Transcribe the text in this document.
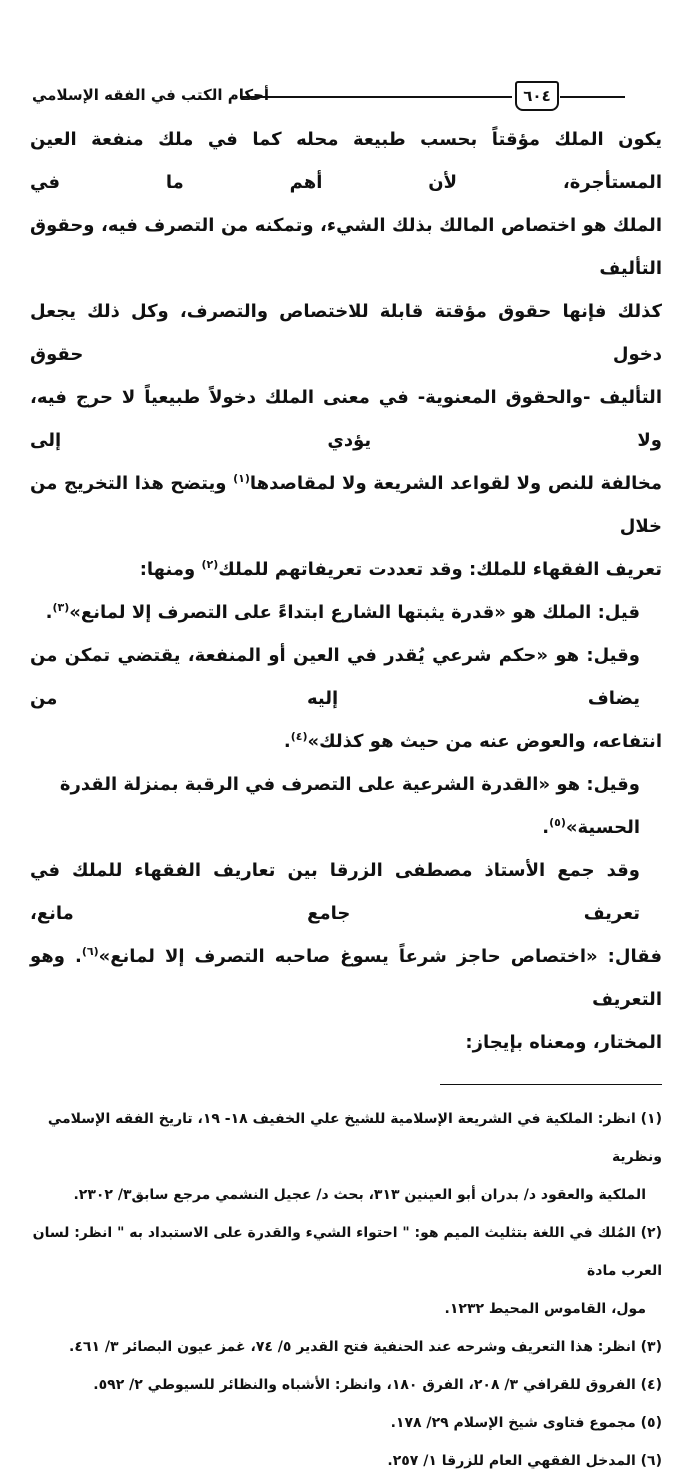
٦٠٤
أحكام الكتب في الفقه الإسلامي
يكون الملك مؤقتاً بحسب طبيعة محله كما في ملك منفعة العين المستأجرة، لأن أهم ما في
الملك هو اختصاص المالك بذلك الشيء، وتمكنه من التصرف فيه، وحقوق التأليف
كذلك فإنها حقوق مؤقتة قابلة للاختصاص والتصرف، وكل ذلك يجعل دخول حقوق
التأليف -والحقوق المعنوية- في معنى الملك دخولاً طبيعياً لا حرج فيه، ولا يؤدي إلى
مخالفة للنص ولا لقواعد الشريعة ولا لمقاصدها$^{(١)}$ ويتضح هذا التخريج من خلال
تعريف الفقهاء للملك: وقد تعددت تعريفاتهم للملك$^{(٢)}$ ومنها:
قيل: الملك هو «قدرة يثبتها الشارع ابتداءً على التصرف إلا لمانع»$^{(٣)}$.
وقيل: هو «حكم شرعي يُقدر في العين أو المنفعة، يقتضي تمكن من يضاف إليه من
انتفاعه، والعوض عنه من حيث هو كذلك»$^{(٤)}$.
وقيل: هو «القدرة الشرعية على التصرف في الرقبة بمنزلة القدرة الحسية»$^{(٥)}$.
وقد جمع الأستاذ مصطفى الزرقا بين تعاريف الفقهاء للملك في تعريف جامع مانع،
فقال: «اختصاص حاجز شرعاً يسوغ صاحبه التصرف إلا لمانع»$^{(٦)}$. وهو التعريف
المختار، ومعناه بإيجاز:
(١) انظر: الملكية في الشريعة الإسلامية للشيخ علي الخفيف ١٨- ١٩، تاريخ الفقه الإسلامي ونظرية
الملكية والعقود د/ بدران أبو العينين ٣١٣، بحث د/ عجيل النشمي مرجع سابق٣/ ٢٣٠٢.
(٢) المُلك في اللغة بتثليث الميم هو: " احتواء الشيء والقدرة على الاستبداد به " انظر: لسان العرب مادة
مول، القاموس المحيط ١٢٣٢.
(٣) انظر: هذا التعريف وشرحه عند الحنفية فتح القدير ٥/ ٧٤، غمز عيون البصائر ٣/ ٤٦١.
(٤) الفروق للقرافي ٣/ ٢٠٨، الفرق ١٨٠، وانظر: الأشباه والنظائر للسيوطي ٢/ ٥٩٢.
(٥) مجموع فتاوى شيخ الإسلام ٢٩/ ١٧٨.
(٦) المدخل الفقهي العام للزرقا ١/ ٢٥٧.
